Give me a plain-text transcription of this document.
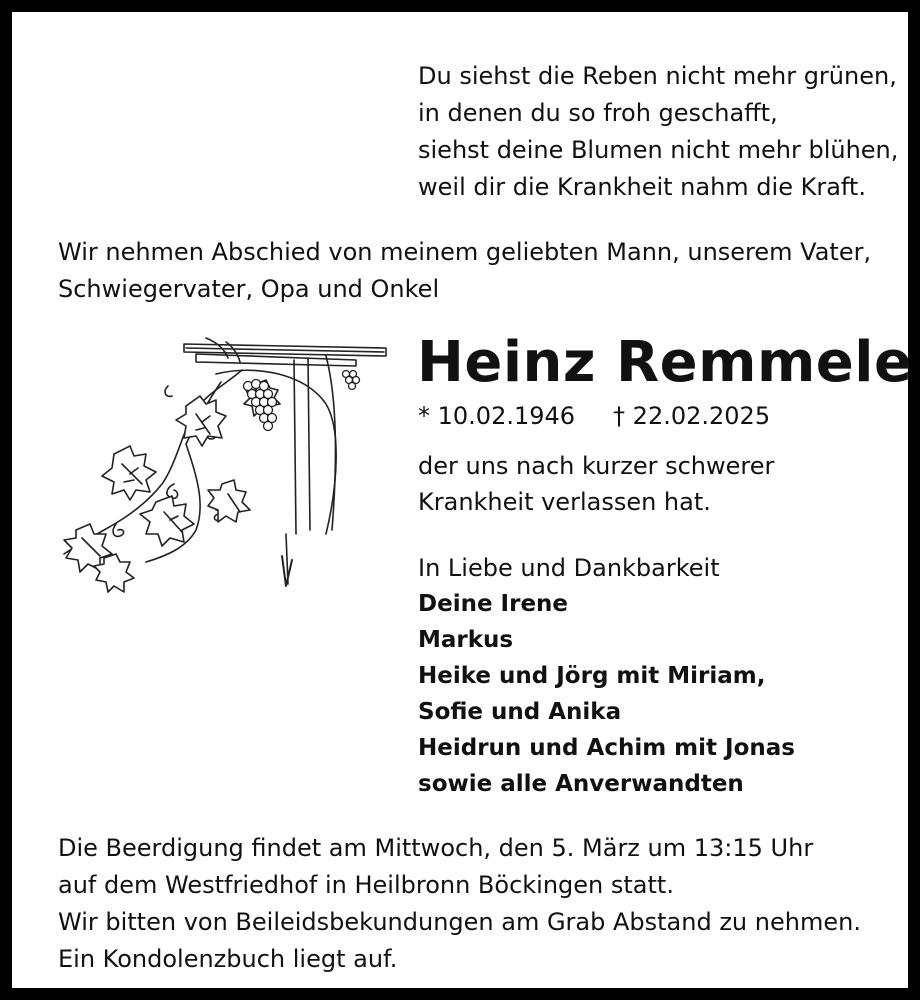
Du siehst die Reben nicht mehr grünen,
in denen du so froh geschafft,
siehst deine Blumen nicht mehr blühen,
weil dir die Krankheit nahm die Kraft.
Wir nehmen Abschied von meinem geliebten Mann, unserem Vater,
Schwiegervater, Opa und Onkel
Heinz Remmele
* 10.02.1946 † 22.02.2025
der uns nach kurzer schwerer
Krankheit verlassen hat.
In Liebe und Dankbarkeit
Deine Irene
Markus
Heike und Jörg mit Miriam,
Sofie und Anika
Heidrun und Achim mit Jonas
sowie alle Anverwandten
Die Beerdigung findet am Mittwoch, den 5. März um 13:15 Uhr
auf dem Westfriedhof in Heilbronn Böckingen statt.
Wir bitten von Beileidsbekundungen am Grab Abstand zu nehmen.
Ein Kondolenzbuch liegt auf.
